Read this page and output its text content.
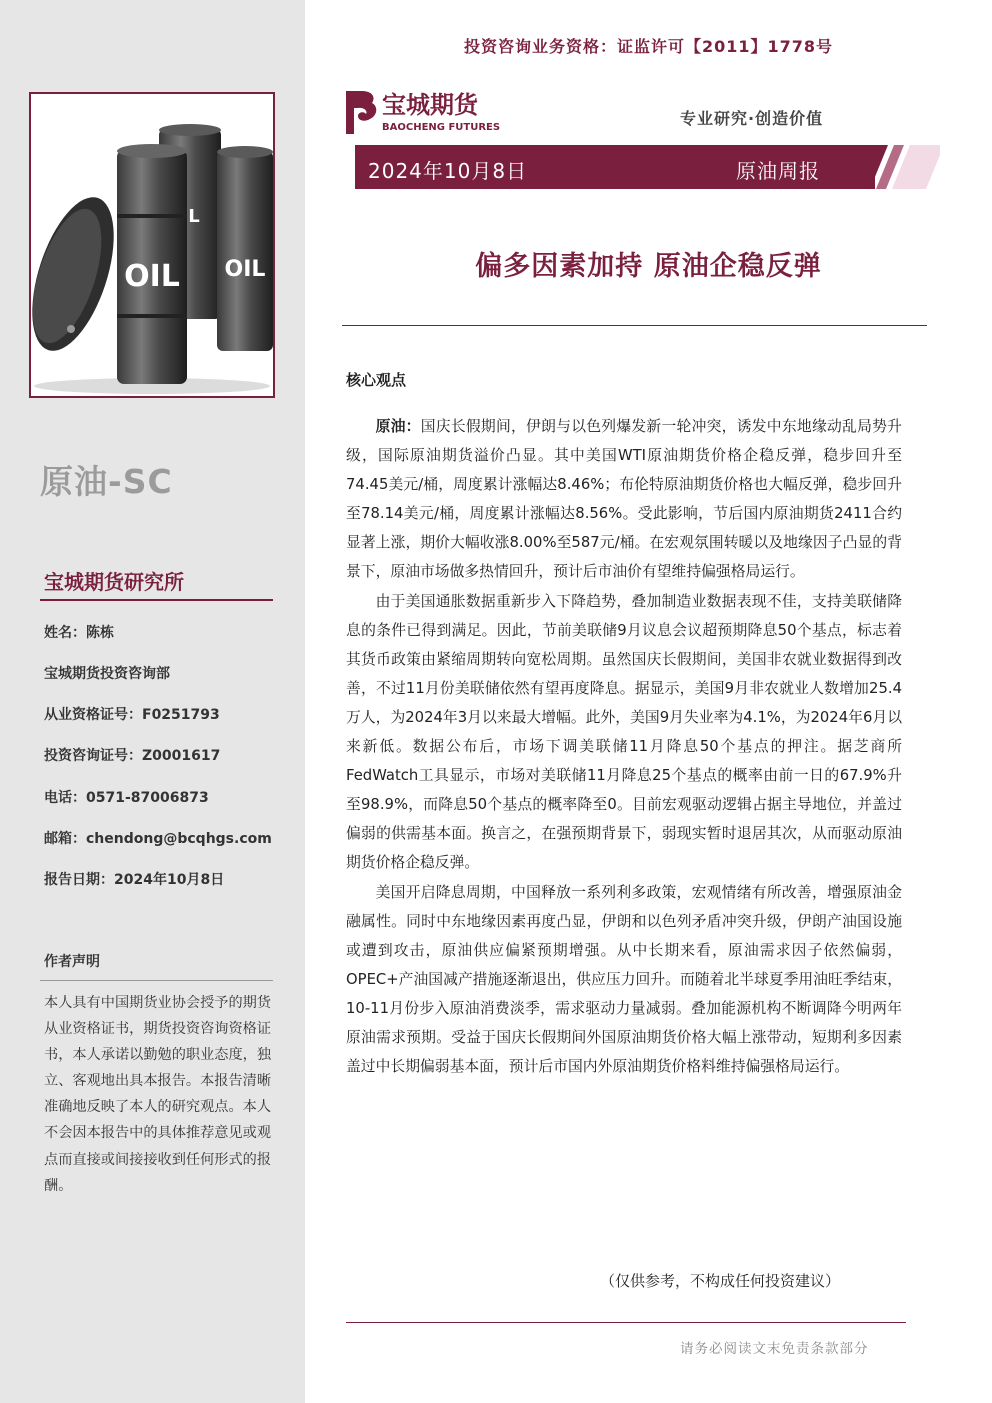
OIL OIL
L
原油-SC
宝城期货研究所
姓名：陈栋
宝城期货投资咨询部
从业资格证号：F0251793
投资咨询证号：Z0001617
电话：0571-87006873
邮箱：chendong@bcqhgs.com
报告日期：2024年10月8日
作者声明
本人具有中国期货业协会授予的期货从业资格证书，期货投资咨询资格证书，本人承诺以勤勉的职业态度，独立、客观地出具本报告。本报告清晰准确地反映了本人的研究观点。本人不会因本报告中的具体推荐意见或观点而直接或间接接收到任何形式的报酬。
投资咨询业务资格：证监许可【2011】1778号
宝城期货
BAOCHENG FUTURES	专业研究·创造价值
2024年10月8日	原油周报
偏多因素加持 原油企稳反弹
核心观点

原油：国庆长假期间，伊朗与以色列爆发新一轮冲突，诱发中东地缘动乱局势升级，国际原油期货溢价凸显。其中美国WTI原油期货价格企稳反弹，稳步回升至74.45美元/桶，周度累计涨幅达8.46%；布伦特原油期货价格也大幅反弹，稳步回升至78.14美元/桶，周度累计涨幅达8.56%。受此影响，节后国内原油期货2411合约显著上涨，期价大幅收涨8.00%至587元/桶。在宏观氛围转暖以及地缘因子凸显的背景下，原油市场做多热情回升，预计后市油价有望维持偏强格局运行。

由于美国通胀数据重新步入下降趋势，叠加制造业数据表现不佳，支持美联储降息的条件已得到满足。因此，节前美联储9月议息会议超预期降息50个基点，标志着其货币政策由紧缩周期转向宽松周期。虽然国庆长假期间，美国非农就业数据得到改善，不过11月份美联储依然有望再度降息。据显示，美国9月非农就业人数增加25.4万人，为2024年3月以来最大增幅。此外，美国9月失业率为4.1%，为2024年6月以来新低。数据公布后，市场下调美联储11月降息50个基点的押注。据芝商所FedWatch工具显示，市场对美联储11月降息25个基点的概率由前一日的67.9%升至98.9%，而降息50个基点的概率降至0。目前宏观驱动逻辑占据主导地位，并盖过偏弱的供需基本面。换言之，在强预期背景下，弱现实暂时退居其次，从而驱动原油期货价格企稳反弹。

美国开启降息周期，中国释放一系列利多政策，宏观情绪有所改善，增强原油金融属性。同时中东地缘因素再度凸显，伊朗和以色列矛盾冲突升级，伊朗产油国设施或遭到攻击，原油供应偏紧预期增强。从中长期来看，原油需求因子依然偏弱，OPEC+产油国减产措施逐渐退出，供应压力回升。而随着北半球夏季用油旺季结束，10-11月份步入原油消费淡季，需求驱动力量减弱。叠加能源机构不断调降今明两年原油需求预期。受益于国庆长假期间外国原油期货价格大幅上涨带动，短期利多因素盖过中长期偏弱基本面，预计后市国内外原油期货价格料维持偏强格局运行。

（仅供参考，不构成任何投资建议）
请务必阅读文末免责条款部分
